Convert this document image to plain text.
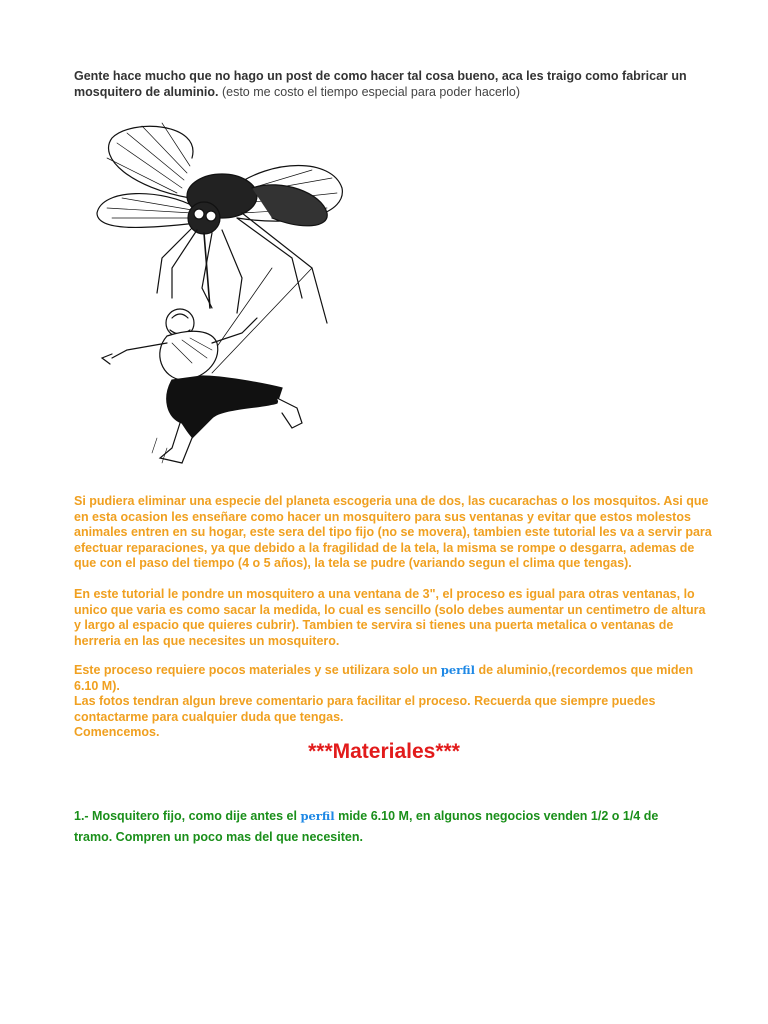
Gente hace mucho que no hago un post de como hacer tal cosa bueno, aca les traigo como fabricar un mosquitero de aluminio. (esto me costo el tiempo especial para poder hacerlo)

Si pudiera eliminar una especie del planeta escogeria una de dos, las cucarachas o los mosquitos. Asi que en esta ocasion les enseñare como hacer un mosquitero para sus ventanas y evitar que estos molestos animales entren en su hogar, este sera del tipo fijo (no se movera), tambien este tutorial les va a servir para efectuar reparaciones, ya que debido a la fragilidad de la tela, la misma se rompe o desgarra, ademas de que con el paso del tiempo (4 o 5 años), la tela se pudre (variando segun el clima que tengas).

En este tutorial le pondre un mosquitero a una ventana de 3", el proceso es igual para otras ventanas, lo unico que varia es como sacar la medida, lo cual es sencillo (solo debes aumentar un centimetro de altura y largo al espacio que quieres cubrir). Tambien te servira si tienes una puerta metalica o ventanas de herreria en las que necesites un mosquitero.

Este proceso requiere pocos materiales y se utilizara solo un perfil de aluminio,(recordemos que miden 6.10 M).
Las fotos tendran algun breve comentario para facilitar el proceso. Recuerda que siempre puedes contactarme para cualquier duda que tengas.
Comencemos.
***Materiales***

1.- Mosquitero fijo, como dije antes el perfil mide 6.10 M, en algunos negocios venden 1/2 o 1/4 de tramo. Compren un poco mas del que necesiten.
